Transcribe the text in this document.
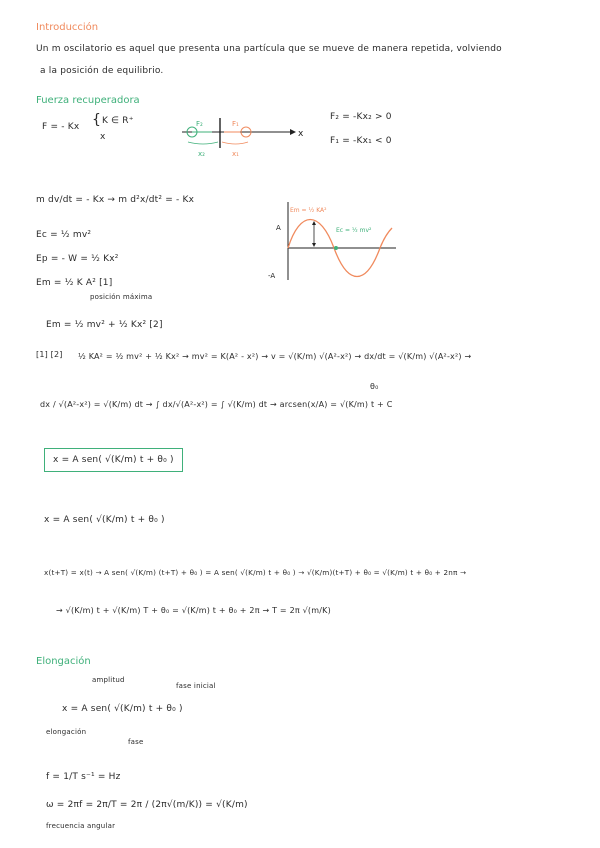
Introducción
Un m oscilatorio es aquel que presenta una partícula que se mueve de manera repetida, volviendo
a la posición de equilibrio.
Fuerza recuperadora
F = - Kx { K ∈ R⁺
x
F₂	F₁
x₂	x₁
x
F₂ = -Kx₂ > 0
F₁ = -Kx₁ < 0
m dv/dt = - Kx → m d²x/dt² = - Kx
Ec = ½ mv²
Ep = - W = ½ Kx²
Em = ½ K A² [1]
posición máxima
Em = ½ mv² + ½ Kx² [2]
A
-A
Em = ½ KA²
Ec = ½ mv²
[1] [2] ½ KA² = ½ mv² + ½ Kx² → mv² = K(A² - x²) → v = √(K/m) √(A²-x²) → dx/dt = √(K/m) √(A²-x²) →
dx / √(A²-x²) = √(K/m) dt → ∫ dx/√(A²-x²) = ∫ √(K/m) dt → arcsen(x/A) = √(K/m) t + C
θ₀
x = A sen( √(K/m) t + θ₀ )
x = A sen( √(K/m) t + θ₀ )
x(t+T) = x(t) → A sen( √(K/m) (t+T) + θ₀ ) = A sen( √(K/m) t + θ₀ ) → √(K/m)(t+T) + θ₀ = √(K/m) t + θ₀ + 2nπ →
→ √(K/m) t + √(K/m) T + θ₀ = √(K/m) t + θ₀ + 2π → T = 2π √(m/K)
Elongación
amplitud
fase inicial
x = A sen( √(K/m) t + θ₀ )
elongación
fase
f = 1/T s⁻¹ = Hz
ω = 2πf = 2π/T = 2π / (2π√(m/K)) = √(K/m)
frecuencia angular
